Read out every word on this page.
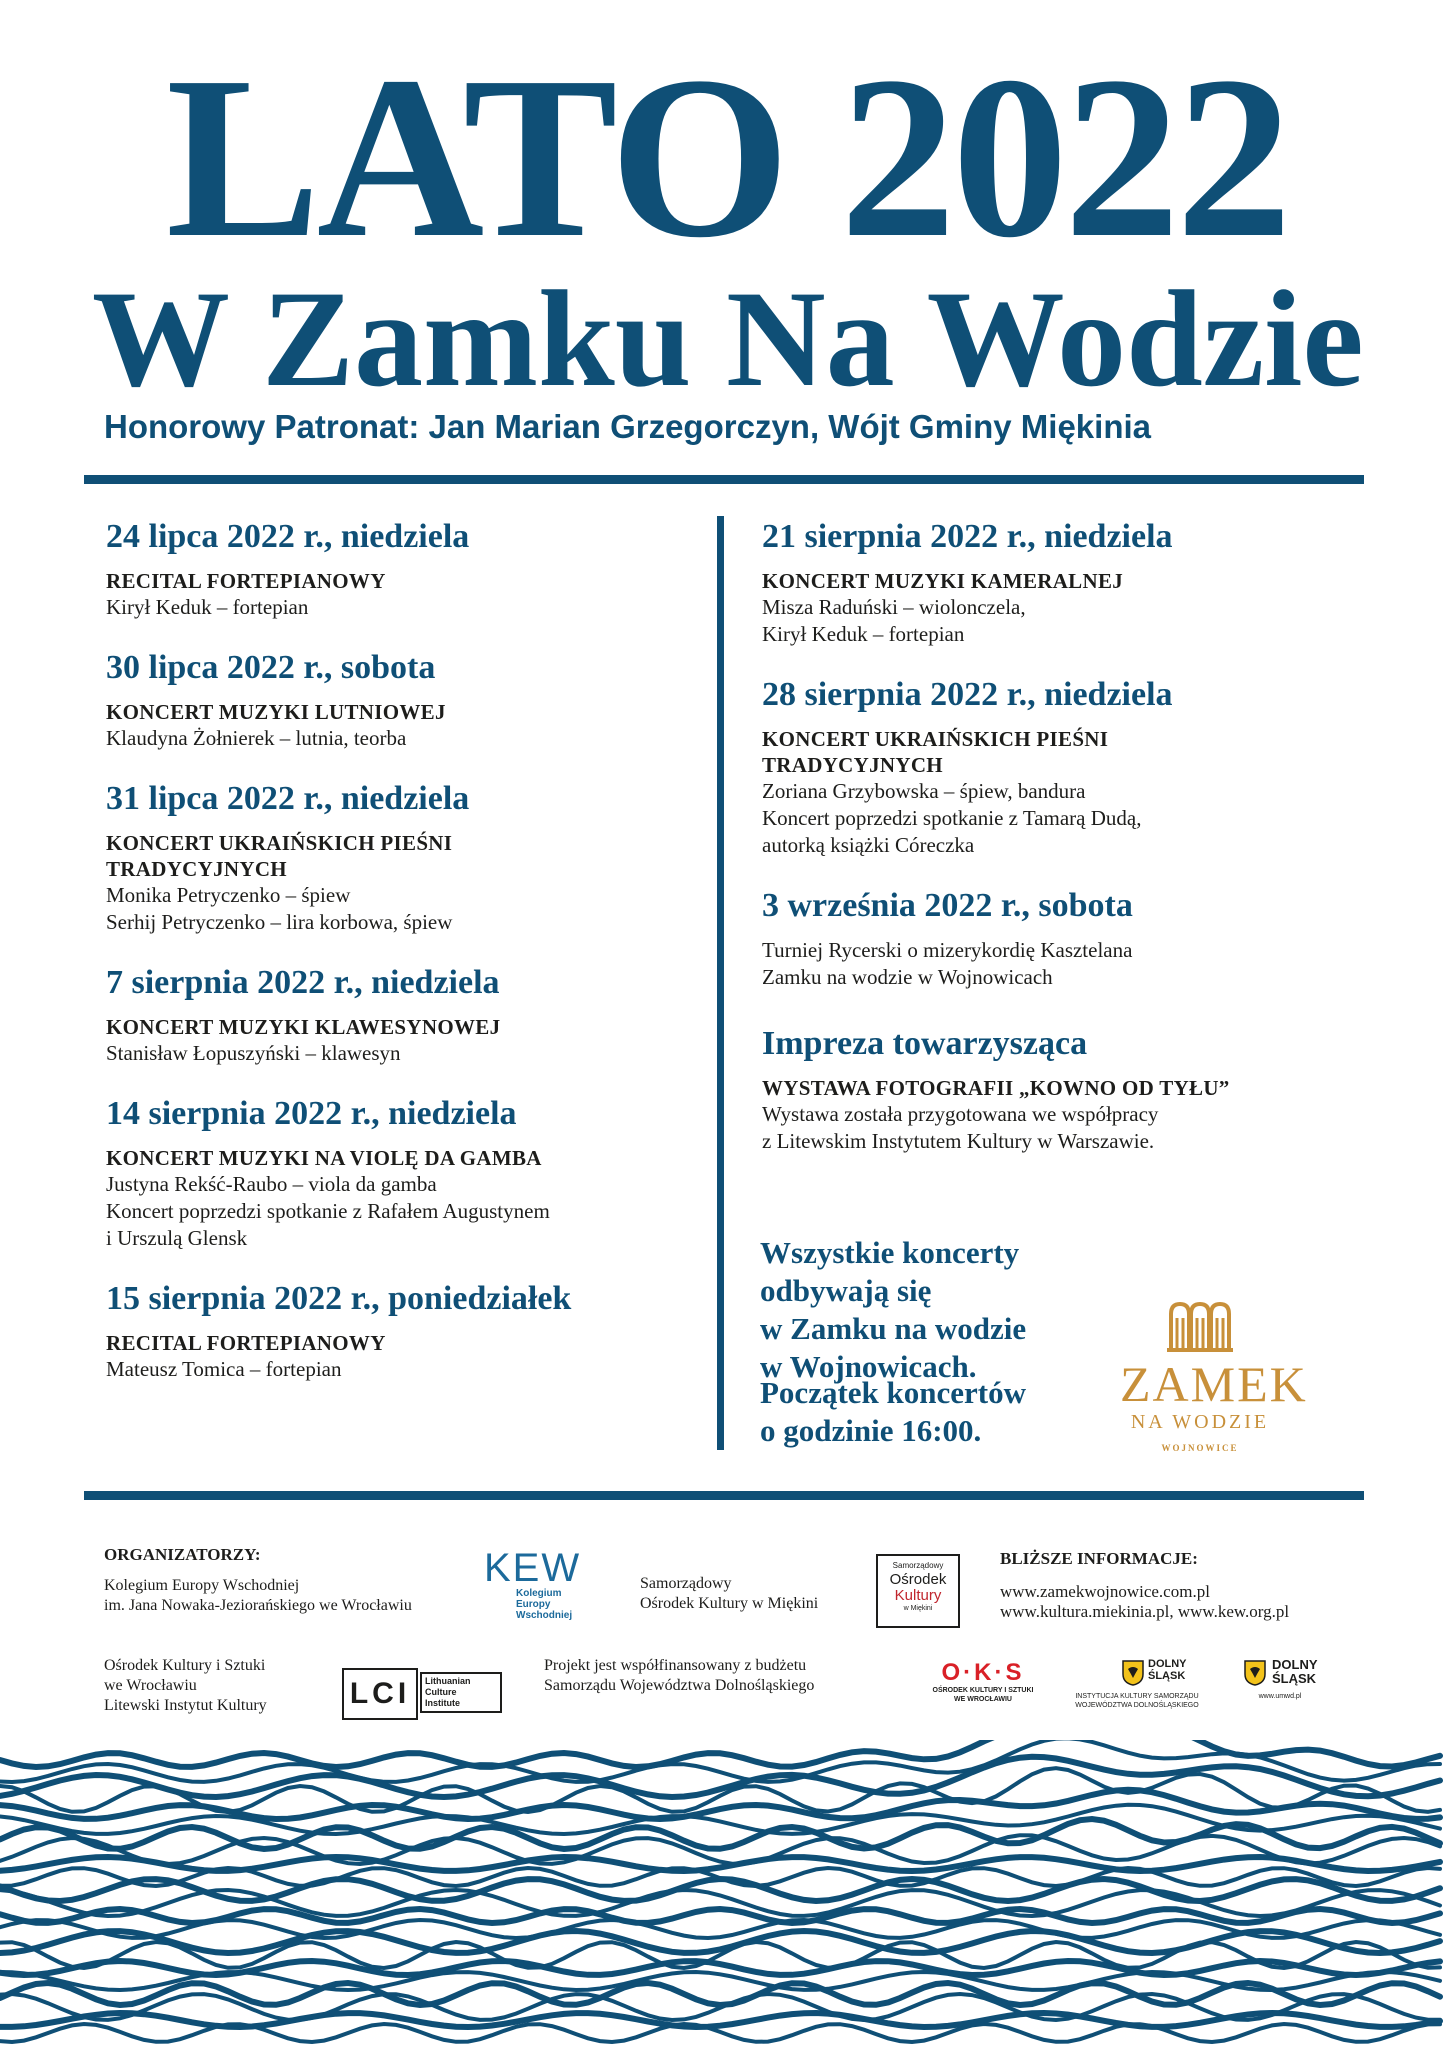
LATO 2022
W Zamku Na Wodzie
Honorowy Patronat: Jan Marian Grzegorczyn, Wójt Gminy Miękinia
24 lipca 2022 r., niedziela
RECITAL FORTEPIANOWY
Kirył Keduk – fortepian
30 lipca 2022 r., sobota
KONCERT MUZYKI LUTNIOWEJ
Klaudyna Żołnierek – lutnia, teorba
31 lipca 2022 r., niedziela
KONCERT UKRAIŃSKICH PIEŚNI
TRADYCYJNYCH
Monika Petryczenko – śpiew
Serhij Petryczenko – lira korbowa, śpiew
7 sierpnia 2022 r., niedziela
KONCERT MUZYKI KLAWESYNOWEJ
Stanisław Łopuszyński – klawesyn
14 sierpnia 2022 r., niedziela
KONCERT MUZYKI NA VIOLĘ DA GAMBA
Justyna Rekść-Raubo – viola da gamba
Koncert poprzedzi spotkanie z Rafałem Augustynem
i Urszulą Glensk
15 sierpnia 2022 r., poniedziałek
RECITAL FORTEPIANOWY
Mateusz Tomica – fortepian
21 sierpnia 2022 r., niedziela
KONCERT MUZYKI KAMERALNEJ
Misza Raduński – wiolonczela,
Kirył Keduk – fortepian
28 sierpnia 2022 r., niedziela
KONCERT UKRAIŃSKICH PIEŚNI
TRADYCYJNYCH
Zoriana Grzybowska – śpiew, bandura
Koncert poprzedzi spotkanie z Tamarą Dudą,
autorką książki Córeczka
3 września 2022 r., sobota
Turniej Rycerski o mizerykordię Kasztelana
Zamku na wodzie w Wojnowicach
Impreza towarzysząca
WYSTAWA FOTOGRAFII „KOWNO OD TYŁU”
Wystawa została przygotowana we współpracy
z Litewskim Instytutem Kultury w Warszawie.
Wszystkie koncerty odbywają się
w Zamku na wodzie
w Wojnowicach.
Początek koncertów
o godzinie 16:00.
ZAMEK
NA WODZIE
WOJNOWICE
ORGANIZATORZY:
Kolegium Europy Wschodniej
im. Jana Nowaka-Jeziorańskiego we Wrocławiu
KEW
Kolegium
Europy
Wschodniej
Samorządowy
Ośrodek Kultury w Miękini
Samorządowy
Ośrodek
Kultury
w Miękini
BLIŻSZE INFORMACJE:
www.zamekwojnowice.com.pl
www.kultura.miekinia.pl, www.kew.org.pl
Ośrodek Kultury i Sztuki
we Wrocławiu
Litewski Instytut Kultury	LCI	Lithuanian
Culture
Institute
Projekt jest współfinansowany z budżetu
Samorządu Województwa Dolnośląskiego	O·K·S
OŚRODEK KULTURY I SZTUKI
WE WROCŁAWIU
DOLNY
ŚLĄSK
INSTYTUCJA KULTURY SAMORZĄDU
WOJEWÓDZTWA DOLNOŚLĄSKIEGO
DOLNY
ŚLĄSK
www.umwd.pl
